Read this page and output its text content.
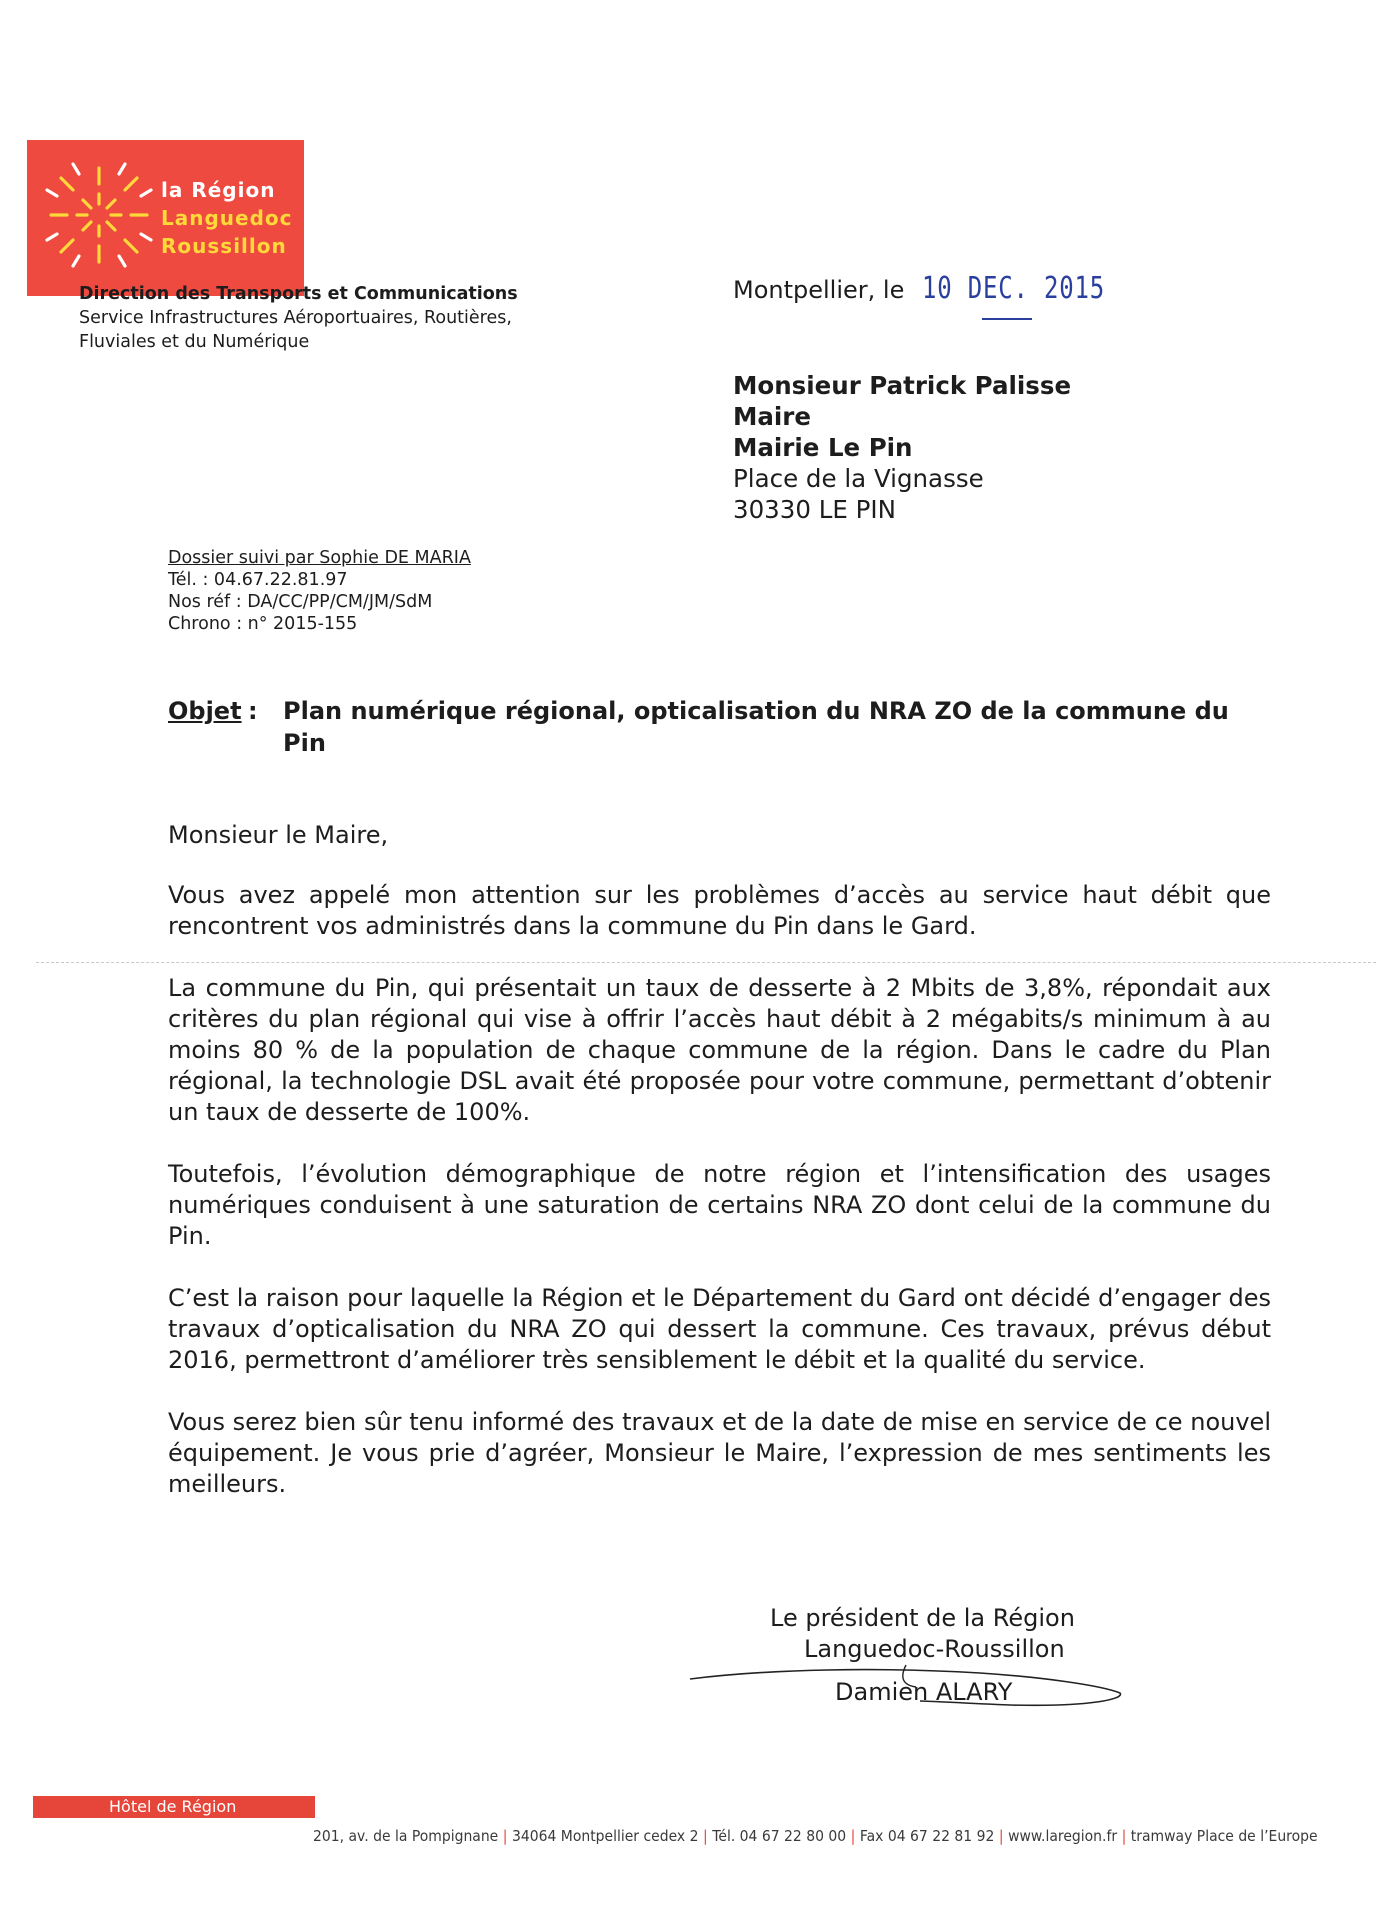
la Région
Languedoc
Roussillon
Direction des Transports et Communications
Service Infrastructures Aéroportuaires, Routières,
Fluviales et du Numérique
Montpellier, le 10 DEC. 2015
Monsieur Patrick Palisse
Maire
Mairie Le Pin
Place de la Vignasse
30330 LE PIN
Dossier suivi par Sophie DE MARIA
Tél. : 04.67.22.81.97
Nos réf : DA/CC/PP/CM/JM/SdM
Chrono : n° 2015-155
Objet : Plan numérique régional, opticalisation du NRA ZO de la commune du Pin

Monsieur le Maire,

Vous avez appelé mon attention sur les problèmes d’accès au service haut débit que rencontrent vos administrés dans la commune du Pin dans le Gard.

La commune du Pin, qui présentait un taux de desserte à 2 Mbits de 3,8%, répondait aux critères du plan régional qui vise à offrir l’accès haut débit à 2 mégabits/s minimum à au moins 80 % de la population de chaque commune de la région. Dans le cadre du Plan régional, la technologie DSL avait été proposée pour votre commune, permettant d’obtenir un taux de desserte de 100%.

Toutefois, l’évolution démographique de notre région et l’intensification des usages numériques conduisent à une saturation de certains NRA ZO dont celui de la commune du Pin.

C’est la raison pour laquelle la Région et le Département du Gard ont décidé d’engager des travaux d’opticalisation du NRA ZO qui dessert la commune. Ces travaux, prévus début 2016, permettront d’améliorer très sensiblement le débit et la qualité du service.

Vous serez bien sûr tenu informé des travaux et de la date de mise en service de ce nouvel équipement. Je vous prie d’agréer, Monsieur le Maire, l’expression de mes sentiments les meilleurs.

Le président de la Région
Languedoc-Roussillon
Damien ALARY
Hôtel de Région
201, av. de la Pompignane | 34064 Montpellier cedex 2 | Tél. 04 67 22 80 00 | Fax 04 67 22 81 92 | www.laregion.fr | tramway Place de l’Europe
